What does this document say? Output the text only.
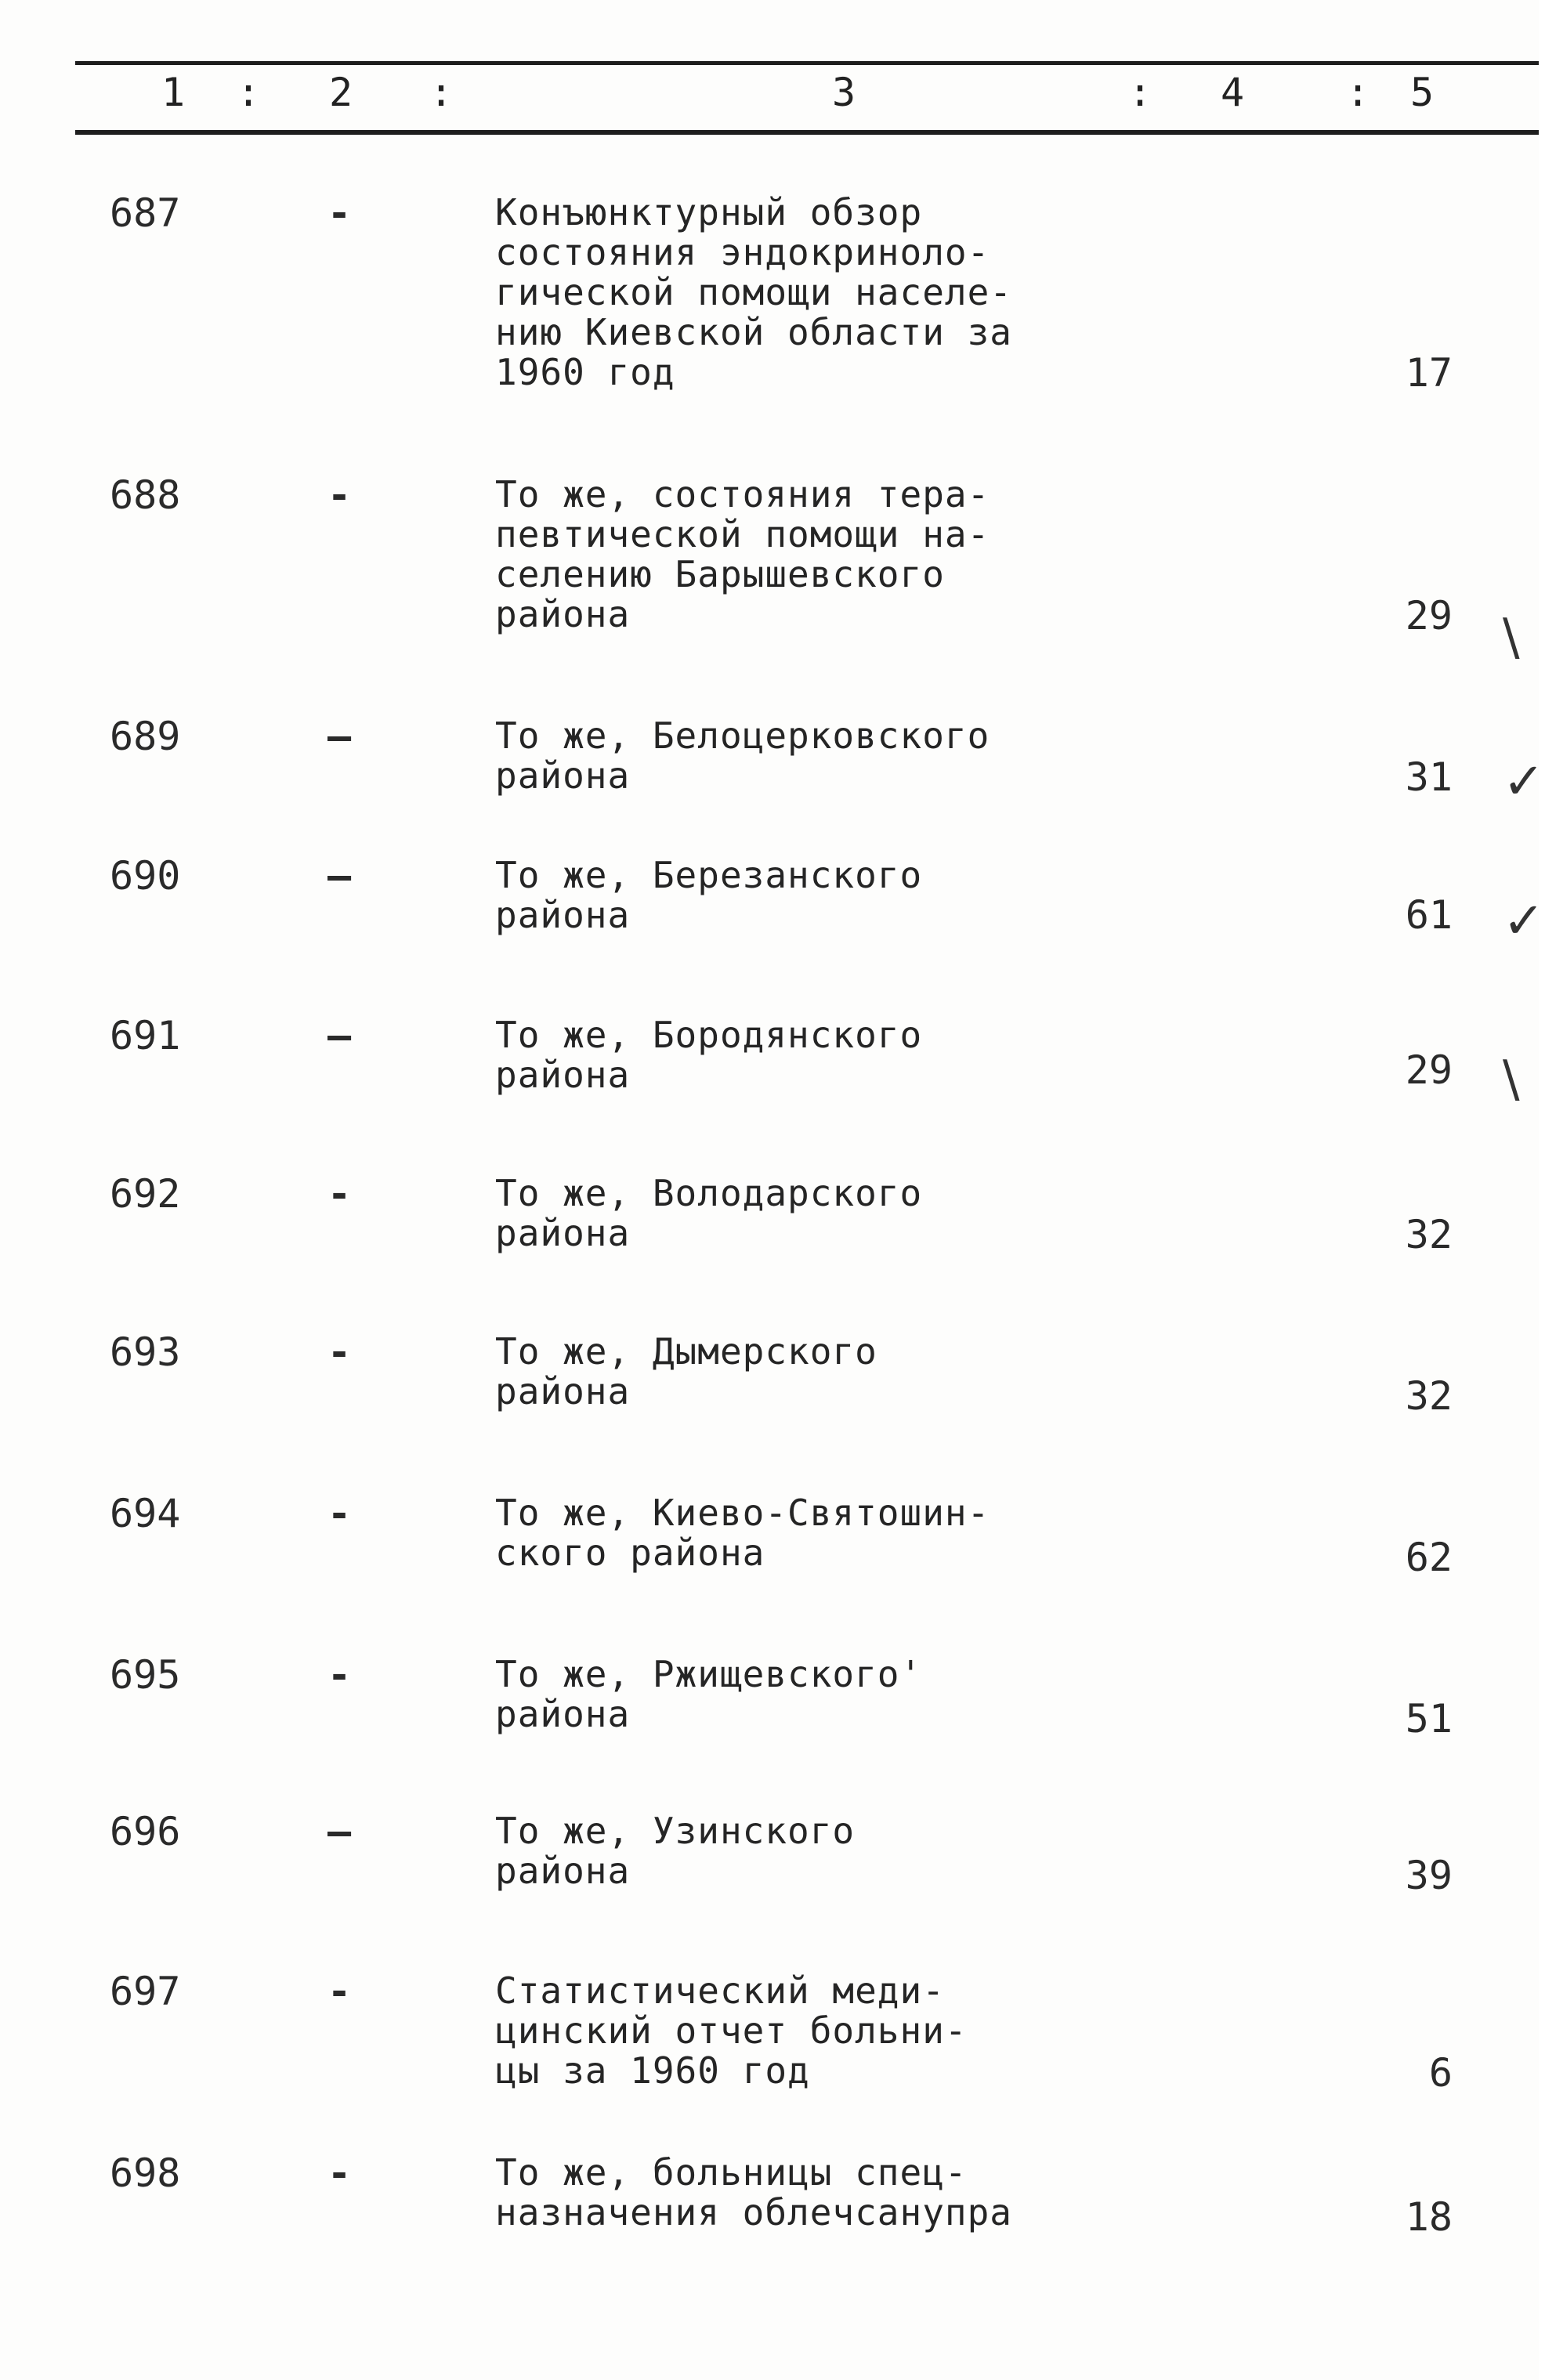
1 : 2 :	3	: 4	: 5
687	-	Конъюнктурный обзор
состояния эндокриноло-
гической помощи населе-
нию Киевской области за
1960 год	17
688	-	То же, состояния тера-
певтической помощи на-
селению Барышевского
района	29 \
689	–	То же, Белоцерковского
района	31 ✓
690	–	То же, Березанского
района	61 ✓
691	–	То же, Бородянского
района	29 \
692	-	То же, Володарского
района	32
693	-	То же, Дымерского
района	32
694	-	То же, Киево-Святошин-
ского района	62
695	-	То же, Ржищевского'
района	51
696	–	То же, Узинского
района	39
697	-	Статистический меди-
цинский отчет больни-
цы за 1960 год	6
698	-	То же, больницы спец-
назначения облечсанупра	18
